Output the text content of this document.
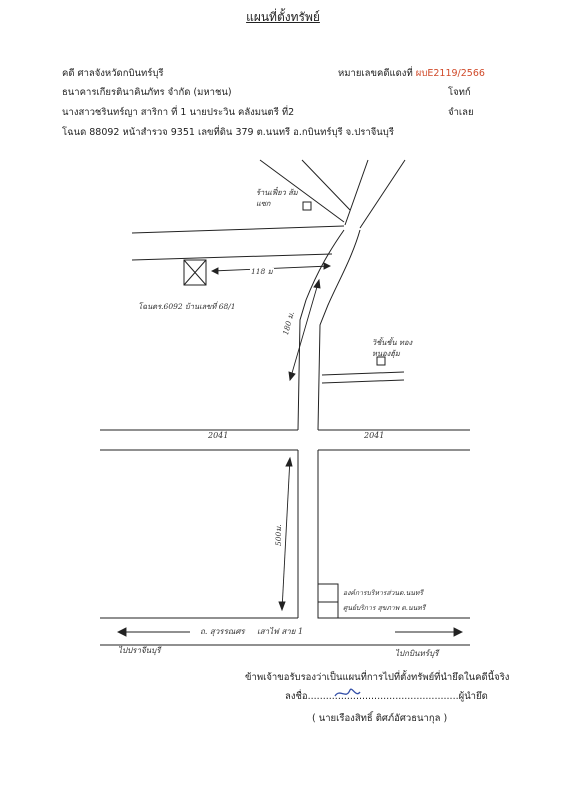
แผนที่ตั้งทรัพย์
คดี ศาลจังหวัดกบินทร์บุรี	หมายเลขคดีแดงที่ ผบE2119/2566
ธนาคารเกียรตินาคินภัทร จำกัด (มหาชน)	โจทก์
นางสาวชรินทร์ญา สาริกา ที่ 1 นายประวิน คลังมนตรี ที่2	จำเลย
โฉนด 88092 หน้าสำรวจ 9351 เลขที่ดิน 379 ต.นนทรี อ.กบินทร์บุรี จ.ปราจีนบุรี
ร้านเฟี๋ยว ส้มแซก
118 ม
โฉนดร.6092 บ้านเลขที่ 68/1
180 ม.
วิชั้นชั้น ทอง หนองฮุ้ม
2041	2041
500ม.
องค์การบริหารส่วนต.นนทรี
ศูนย์บริการ สุขภาพ ต.นนทรี
ถ. สุวรรณศร เสาไฟ สาย 1
ไปปราจีนบุรี	ไปกบินทร์บุรี
ข้าพเจ้าขอรับรองว่าเป็นแผนที่การไปที่ตั้งทรัพย์ที่นำยึดในคดีนี้จริง
ลงชื่อ..................................................ผู้นำยึด
( นายเรืองสิทธิ์ ติศภ์อัศวธนากุล )
